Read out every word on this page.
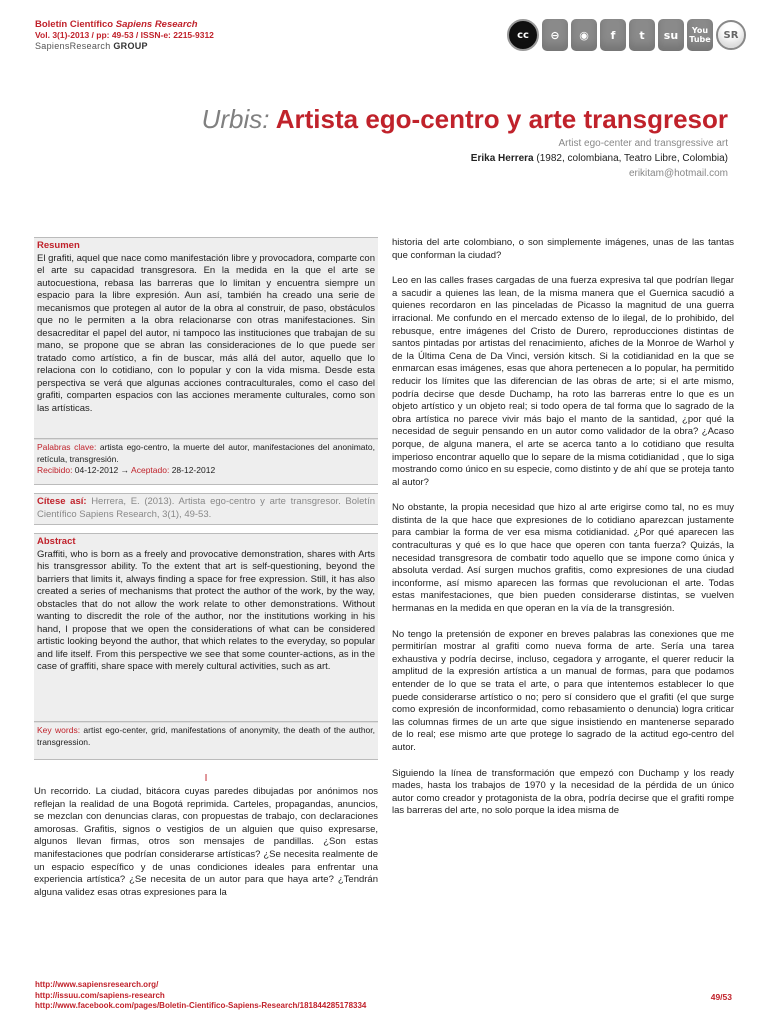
Boletín Científico Sapiens Research
Vol. 3(1)-2013 / pp: 49-53 / ISSN-e: 2215-9312
SapiensResearch GROUP
cc	⊖	◉	f	t	su	You Tube	SR
Urbis: Artista ego-centro y arte transgresor
Artist ego-center and transgressive art
Erika Herrera (1982, colombiana, Teatro Libre, Colombia)
erikitam@hotmail.com
Resumen
El grafiti, aquel que nace como manifestación libre y provocadora, comparte con el arte su capacidad transgresora. En la medida en la que el arte se autocuestiona, rebasa las barreras que lo limitan y encuentra siempre un espacio para la libre expresión. Aun así, también ha creado una serie de mecanismos que protegen al autor de la obra al construir, de paso, obstáculos que no le permiten a la obra relacionarse con otras manifestaciones. Sin desacreditar el papel del autor, ni tampoco las instituciones que trabajan de su mano, se propone que se abran las consideraciones de lo que puede ser tratado como artístico, a fin de buscar, más allá del autor, aquello que lo relaciona con lo cotidiano, con lo popular y con la vida misma. Desde esta perspectiva se verá que algunas acciones contraculturales, como el caso del grafiti, comparten espacios con las acciones meramente culturales, como son las artísticas.
Palabras clave: artista ego-centro, la muerte del autor, manifestaciones del anonimato, retícula, transgresión.
Recibido: 04-12-2012 → Aceptado: 28-12-2012
Cítese así: Herrera, E. (2013). Artista ego-centro y arte transgresor. Boletín Científico Sapiens Research, 3(1), 49-53.
Abstract
Graffiti, who is born as a freely and provocative demonstration, shares with Arts his transgressor ability. To the extent that art is self-questioning, beyond the barriers that limits it, always finding a space for free expression. Still, it has also created a series of mechanisms that protect the author of the work, by the way, obstacles that do not allow the work relate to other demonstrations. Without wanting to discredit the role of the author, nor the institutions working in his hand, I propose that we open the considerations of what can be considered artistic looking beyond the author, that which relates to the everyday, so popular and life itself. From this perspective we see that some counter-actions, as in the case of graffiti, share space with merely cultural activities, such as art.
Key words: artist ego-center, grid, manifestations of anonymity, the death of the author, transgression.
I
Un recorrido. La ciudad, bitácora cuyas paredes dibujadas por anónimos nos reflejan la realidad de una Bogotá reprimida. Carteles, propagandas, anuncios, se mezclan con denuncias claras, con propuestas de trabajo, con declaraciones amorosas. Grafitis, signos o vestigios de un alguien que quiso expresarse, algunos llevan firmas, otros son mensajes de pandillas. ¿Son estas manifestaciones que podrían considerarse artísticas? ¿Se necesita realmente de un espacio específico y de unas condiciones ideales para enfrentar una experiencia artística? ¿Se necesita de un autor para que haya arte? ¿Tendrán alguna validez esas otras expresiones para la

historia del arte colombiano, o son simplemente imágenes, unas de las tantas que conforman la ciudad?

Leo en las calles frases cargadas de una fuerza expresiva tal que podrían llegar a sacudir a quienes las lean, de la misma manera que el Guernica sacudió a quienes recordaron en las pinceladas de Picasso la magnitud de una guerra irracional. Me confundo en el mercado extenso de lo ilegal, de lo prohibido, del rebusque, entre imágenes del Cristo de Durero, reproducciones distintas de santos pintadas por artistas del renacimiento, afiches de la Monroe de Warhol y de la Última Cena de Da Vinci, versión kitsch. Si la cotidianidad en la que se enmarcan esas imágenes, esas que ahora pertenecen a lo popular, ha permitido reducir los límites que las diferencian de las obras de arte; si el arte mismo, podría decirse que desde Duchamp, ha roto las barreras entre lo que es un objeto artístico y un objeto real; si todo opera de tal forma que lo sagrado de la obra artística no parece vivir más bajo el manto de la santidad, ¿por qué la necesidad de seguir pensando en un autor como validador de la obra? ¿Acaso porque, de alguna manera, el arte se acerca tanto a lo cotidiano que resulta imperioso encontrar aquello que lo separe de la misma cotidianidad , que lo siga mostrando como único en su especie, como distinto y de ahí que se proteja tanto al autor?

No obstante, la propia necesidad que hizo al arte erigirse como tal, no es muy distinta de la que hace que expresiones de lo cotidiano aparezcan justamente para cambiar la forma de ver esa misma cotidianidad. ¿Por qué aparecen las contraculturas y qué es lo que hace que operen con tanta fuerza? Quizás, la necesidad transgresora de combatir todo aquello que se impone como única y absoluta verdad. Así surgen muchos grafitis, como expresiones de una ciudad inconforme, así mismo aparecen las formas que revolucionan el arte. Todas estas manifestaciones, que bien pueden considerarse distintas, se vuelven hermanas en la medida en que operan en la vía de la transgresión.

No tengo la pretensión de exponer en breves palabras las conexiones que me permitirían mostrar al grafiti como nueva forma de arte. Sería una tarea exhaustiva y podría decirse, incluso, cegadora y arrogante, el querer reducir la amplitud de la expresión artística a un manual de formas, para que podamos entender de lo que se trata el arte, o para que intentemos establecer lo que puede considerarse artístico o no; pero sí considero que el grafiti (el que surge como expresión de inconformidad, como rebasamiento o denuncia) logra criticar las columnas firmes de un arte que sigue insistiendo en mantenerse separado de lo real; ese mismo arte que protege lo sagrado de la actitud ego-centro del autor.

Siguiendo la línea de transformación que empezó con Duchamp y los ready mades, hasta los trabajos de 1970 y la necesidad de la pérdida de un único autor como creador y protagonista de la obra, podría decirse que el grafiti rompe las barreras del arte, no solo porque la idea misma de

http://www.sapiensresearch.org/
http://issuu.com/sapiens-research
http://www.facebook.com/pages/Boletin-Cientifico-Sapiens-Research/181844285178334
49/53
